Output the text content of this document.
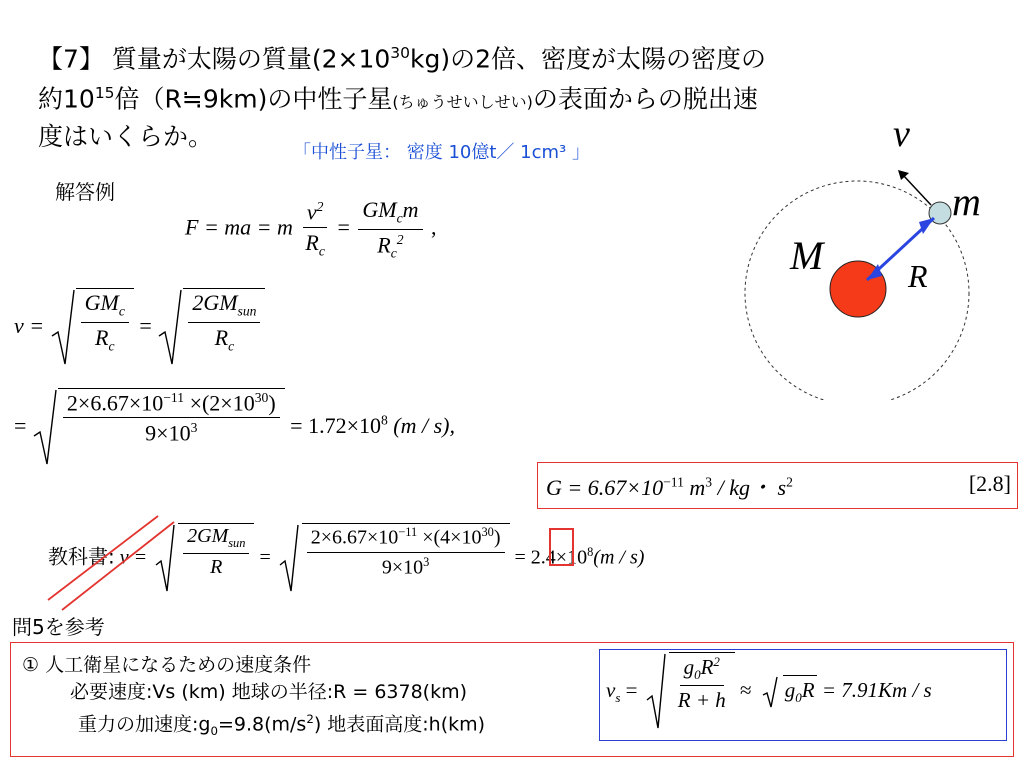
【7】 質量が太陽の質量$(2\times 10^{30}kg)$の2倍、密度が太陽の密度の
約$10^{15}$倍（R≒9km)の中性子星(ちゅうせいしせい)の表面からの脱出速
度はいくらか。
「中性子星： 密度 10億t／ 1cm³ 」
解答例
v
m
M	R
F = ma = m $\frac{v^2}{R_c} = \frac{GM_cm}{R_c^2}$ ,
$v = \frac{GM_c}{R_c} = \frac{2GM_{sun}}{R_c}$
= $\frac{2\times 6.67\times 10^{-11} \times(2\times 10^{30})}{9\times 10^3} = 1.72\times 10^8$ (m / s),
$G = 6.67\times 10^{-11}$ $m^3$ / kg・ $s^2$	[2.8]
教科書: $v = \frac{2GM_{sun}}{R} = \frac{2\times 6.67\times 10^{-11} \times(4\times 10^{30})}{9\times 10^3} = 2.4\times 10^8(m / s)$
問5を参考
① 人工衛星になるための速度条件
必要速度:Vs (km) 地球の半径:R = 6378(km)
重力の加速度$:g_0=9.8(m/s^2)$ 地表面高度:h(km)
$v_s = \frac{g_0R^2}{R + h} \approx g_0R = 7.91Km / s$
